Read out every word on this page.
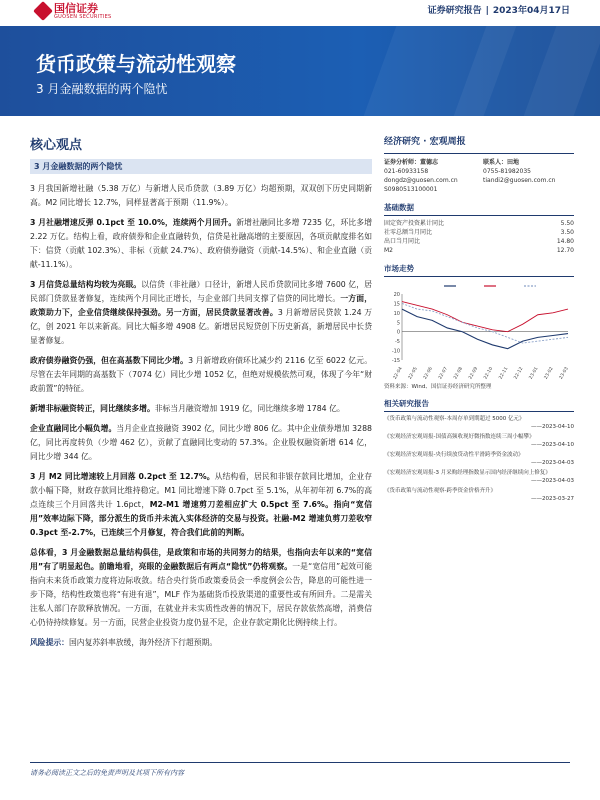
国信证券
GUOSEN SECURITIES
证券研究报告 | 2023年04月17日
货币政策与流动性观察
3 月金融数据的两个隐忧
核心观点
3 月金融数据的两个隐忧

3 月我国新增社融（5.38 万亿）与新增人民币贷款（3.89 万亿）均超预期，双双创下历史同期新高。M2 同比增长 12.7%，同样显著高于预期（11.9%）。

3 月社融增速反弹 0.1pct 至 10.0%，连续两个月回升。新增社融同比多增 7235 亿，环比多增 2.22 万亿。结构上看，政府债券和企业直融转负，信贷是社融高增的主要原因，各项贡献度排名如下：信贷（贡献 102.3%）、非标（贡献 24.7%）、政府债券融资（贡献-14.5%）、和企业直融（贡献-11.1%）。

3 月信贷总量结构均较为亮眼。以信贷（非社融）口径计，新增人民币贷款同比多增 7600 亿，居民部门贷款显著修复，连续两个月同比正增长，与企业部门共同支撑了信贷的同比增长。一方面，政策助力下，企业信贷继续保持强劲。另一方面，居民贷款显著改善。3 月新增居民贷款 1.24 万亿，创 2021 年以来新高。同比大幅多增 4908 亿。新增居民短贷创下历史新高，新增居民中长贷显著修复。

政府债券融资仍强，但在高基数下同比少增。3 月新增政府债环比减少约 2116 亿至 6022 亿元。尽管在去年同期的高基数下（7074 亿）同比少增 1052 亿，但绝对规模依然可观，体现了今年“财政前置”的特征。

新增非标融资转正，同比继续多增。非标当月融资增加 1919 亿，同比继续多增 1784 亿。

企业直融同比小幅负增。当月企业直接融资 3902 亿，同比少增 806 亿。其中企业债券增加 3288 亿，同比再度转负（少增 462 亿），贡献了直融同比变动的 57.3%。企业股权融资新增 614 亿，同比少增 344 亿。

3 月 M2 同比增速较上月回落 0.2pct 至 12.7%。从结构看，居民和非银存款同比增加，企业存款小幅下降，财政存款同比维持稳定。M1 同比增速下降 0.7pct 至 5.1%，从年初年初 6.7%的高点连续三个月回落共计 1.6pct，M2-M1 增速剪刀差相应扩大 0.5pct 至 7.6%。指向“宽信用”效率边际下降，部分派生的货币并未流入实体经济的交易与投资。社融-M2 增速负剪刀差收窄 0.3pct 至-2.7%，已连续三个月修复，符合我们此前的判断。

总体看，3 月金融数据总量结构俱佳，是政策和市场的共同努力的结果，也指向去年以来的“宽信用”有了明显起色。前瞻地看，亮眼的金融数据后有两点“隐忧”仍将观察。一是“宽信用”起效可能指向未来货币政策力度将边际收敛。结合央行货币政策委员会一季度例会公告，降息的可能性进一步下降，结构性政策也将“有进有退”，MLF 作为基础货币投放渠道的重要性或有所回升。二是需关注私人部门存款释放情况。一方面，在就业并未实质性改善的情况下，居民存款依然高增，消费信心仍待持续修复。另一方面，民营企业投资力度仍显不足，企业存款定期化比例持续上行。

风险提示：国内复苏斜率放缓，海外经济下行超预期。

经济研究 · 宏观周报
证券分析师：董德志
021-60933158
dongdz@guosen.com.cn
S0980513100001
联系人：田地
0755-81982035
tiandi2@guosen.com.cn
基础数据
固定资产投资累计同比	5.50
社零总额当月同比	3.50
出口当月同比	14.80
M2	12.70
市场走势
20
15
10
5
0
-5
-10
-15
22-04 22-05 22-06 22-07 22-08 22-09 22-10 22-11 22-12 23-01 23-02 23-03
资料来源：Wind、国信证券经济研究所整理
相关研究报告
《货币政策与流动性观察-本周存单到期超过 5000 亿元》
——2023-04-10
《宏观经济宏观周报-国债高频收现好微指数连续三周小幅攀》
——2023-04-10
《宏观经济宏观周报-央行续放贷动性平滑跨季资金波动》
——2023-04-03
《宏观经济宏观周报-3 月采购经理指数显示国内经济继续向上修复》
——2023-04-03
《货币政策与流动性观察-跨季资金价格齐升》
——2023-03-27
请务必阅读正文之后的免责声明及其项下所有内容
